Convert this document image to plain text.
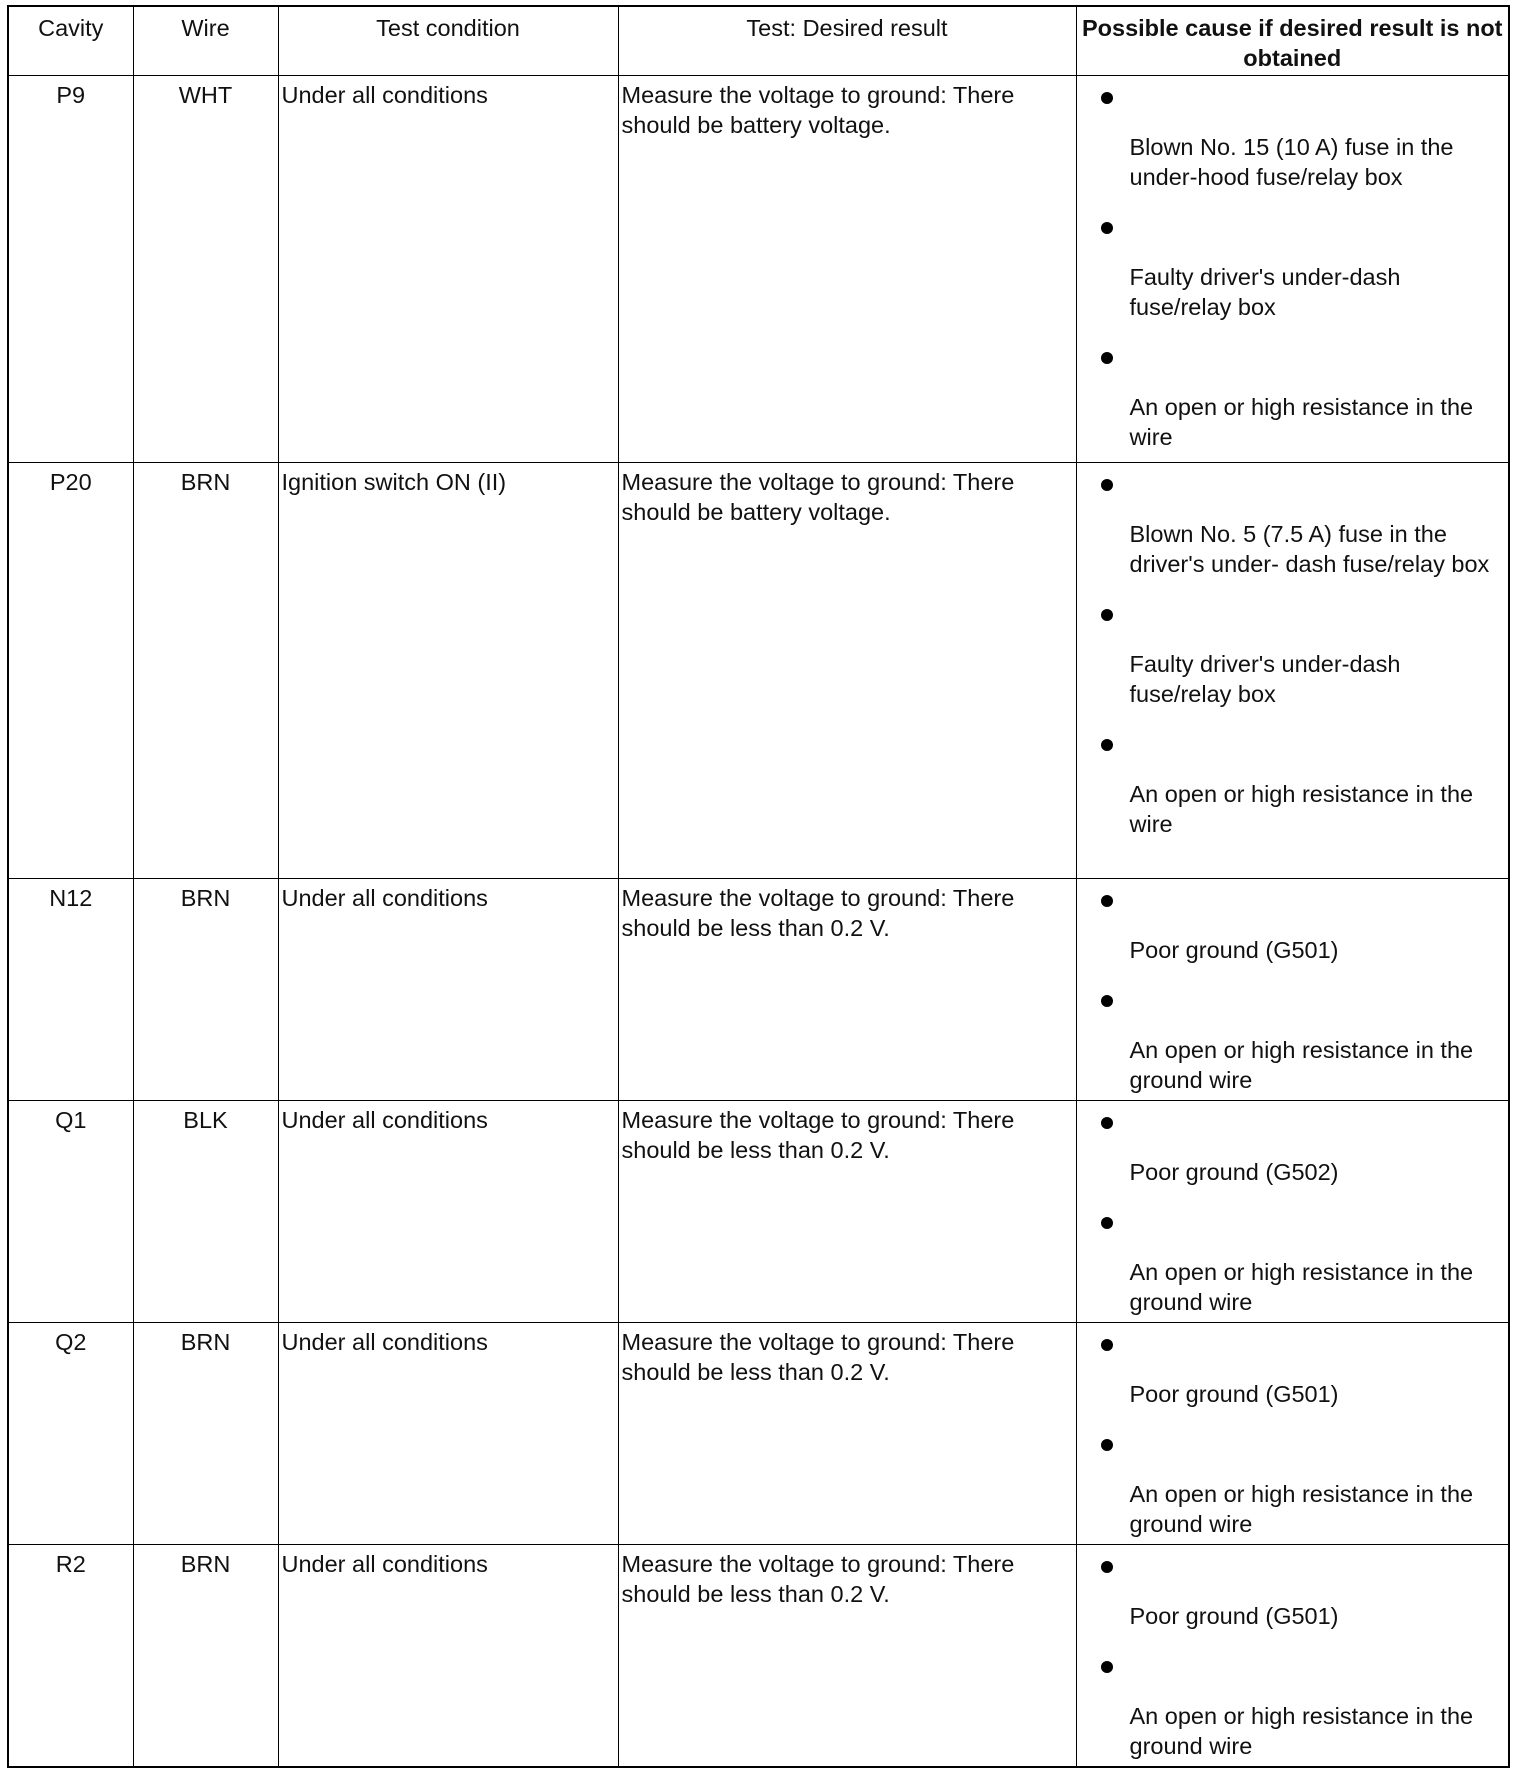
Cavity	Wire	Test condition	Test: Desired result	Possible cause if desired result is not obtained
P9	WHT	Under all conditions	Measure the voltage to ground: There should be battery voltage.	Blown No. 15 (10 A) fuse in the under-hood fuse/relay box
Faulty driver's under-dash fuse/relay box
An open or high resistance in the wire

P20	BRN	Ignition switch ON (II)	Measure the voltage to ground: There should be battery voltage.	Blown No. 5 (7.5 A) fuse in the driver's under- dash fuse/relay box
Faulty driver's under-dash fuse/relay box
An open or high resistance in the wire

N12	BRN	Under all conditions	Measure the voltage to ground: There should be less than 0.2 V.	Poor ground (G501)
An open or high resistance in the ground wire

Q1	BLK	Under all conditions	Measure the voltage to ground: There should be less than 0.2 V.	Poor ground (G502)
An open or high resistance in the ground wire

Q2	BRN	Under all conditions	Measure the voltage to ground: There should be less than 0.2 V.	Poor ground (G501)
An open or high resistance in the ground wire

R2	BRN	Under all conditions	Measure the voltage to ground: There should be less than 0.2 V.	Poor ground (G501)
An open or high resistance in the ground wire
